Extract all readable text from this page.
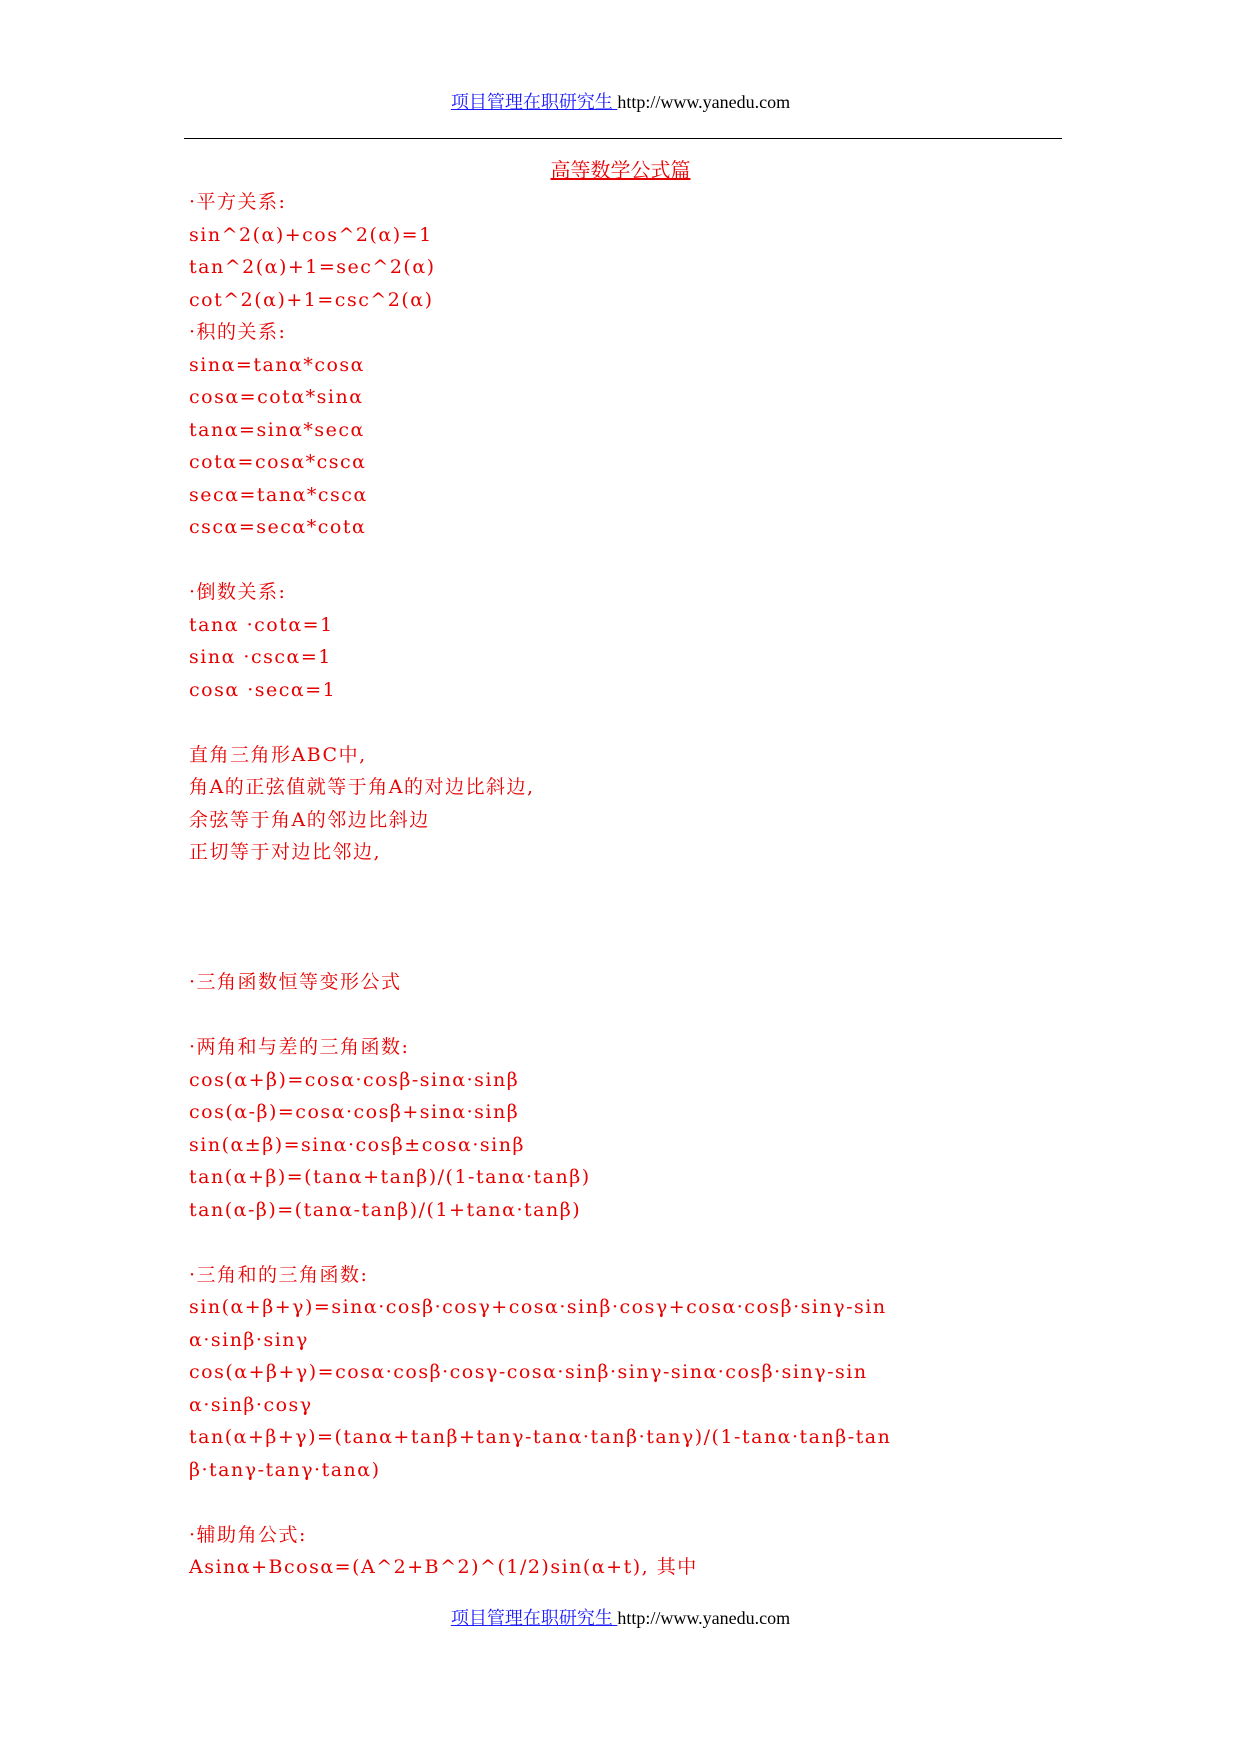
项目管理在职研究生 http://www.yanedu.com
高等数学公式篇
·平方关系:
sin^2(α)+cos^2(α)=1
tan^2(α)+1=sec^2(α)
cot^2(α)+1=csc^2(α)
·积的关系:
sinα=tanα*cosα
cosα=cotα*sinα
tanα=sinα*secα
cotα=cosα*cscα
secα=tanα*cscα
cscα=secα*cotα
·倒数关系:
tanα ·cotα=1
sinα ·cscα=1
cosα ·secα=1
直角三角形ABC中,
角A的正弦值就等于角A的对边比斜边,
余弦等于角A的邻边比斜边
正切等于对边比邻边,
·三角函数恒等变形公式
·两角和与差的三角函数:
cos(α+β)=cosα·cosβ-sinα·sinβ
cos(α-β)=cosα·cosβ+sinα·sinβ
sin(α±β)=sinα·cosβ±cosα·sinβ
tan(α+β)=(tanα+tanβ)/(1-tanα·tanβ)
tan(α-β)=(tanα-tanβ)/(1+tanα·tanβ)
·三角和的三角函数:
sin(α+β+γ)=sinα·cosβ·cosγ+cosα·sinβ·cosγ+cosα·cosβ·sinγ-sin
α·sinβ·sinγ
cos(α+β+γ)=cosα·cosβ·cosγ-cosα·sinβ·sinγ-sinα·cosβ·sinγ-sin
α·sinβ·cosγ
tan(α+β+γ)=(tanα+tanβ+tanγ-tanα·tanβ·tanγ)/(1-tanα·tanβ-tan
β·tanγ-tanγ·tanα)
·辅助角公式:
Asinα+Bcosα=(A^2+B^2)^(1/2)sin(α+t), 其中
项目管理在职研究生 http://www.yanedu.com
